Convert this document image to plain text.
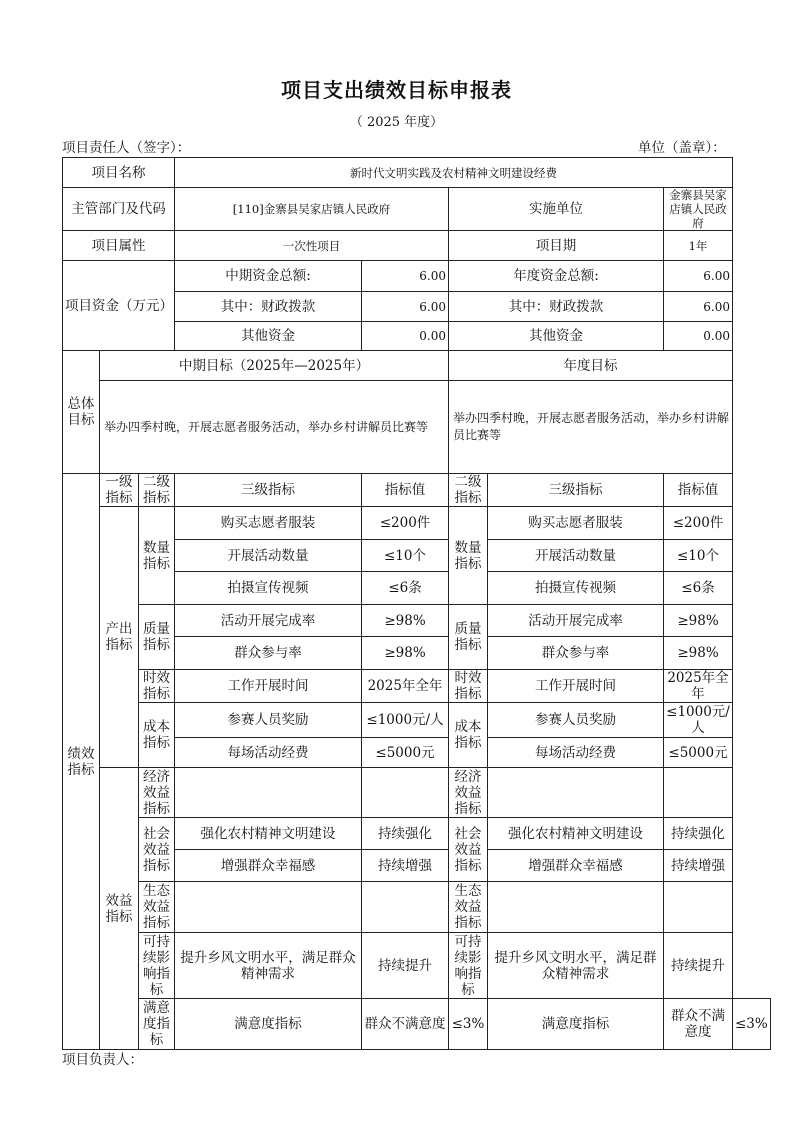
项目支出绩效目标申报表
（ 2025 年度）
项目责任人（签字）：	单位（盖章）：
项目名称			新时代文明实践及农村精神文明建设经费					
主管部门及代码			[110]金寨县吴家店镇人民政府		实施单位		金寨县吴家店镇人民政府	
项目属性			一次性项目		项目期		1年	
项目资金（万元）			中期资金总额:	6.00	年度资金总额:		6.00	
			其中：财政拨款	6.00	其中：财政拨款		6.00	
			其他资金	0.00	其他资金		0.00	
总体目标	中期目标（2025年—2025年）				年度目标			
	举办四季村晚，开展志愿者服务活动，举办乡村讲解员比赛等				举办四季村晚，开展志愿者服务活动，举办乡村讲解员比赛等			
绩效指标	一级指标	二级指标	三级指标	指标值	二级指标	三级指标	指标值	
	产出指标	数量指标	购买志愿者服装	≤200件	数量指标	购买志愿者服装	≤200件	
			开展活动数量	≤10个		开展活动数量	≤10个	
			拍摄宣传视频	≤6条		拍摄宣传视频	≤6条	
		质量指标	活动开展完成率	≥98%	质量指标	活动开展完成率	≥98%	
			群众参与率	≥98%		群众参与率	≥98%	
		时效指标	工作开展时间	2025年全年	时效指标	工作开展时间	2025年全年	
		成本指标	参赛人员奖励	≤1000元/人	成本指标	参赛人员奖励	≤1000元/人	
			每场活动经费	≤5000元		每场活动经费	≤5000元	
	效益指标	经济效益指标			经济效益指标			
		社会效益指标	强化农村精神文明建设	持续强化	社会效益指标	强化农村精神文明建设	持续强化	
			增强群众幸福感	持续增强		增强群众幸福感	持续增强	
		生态效益指标			生态效益指标			
		可持续影响指标	提升乡风文明水平，满足群众精神需求	持续提升	可持续影响指标	提升乡风文明水平，满足群众精神需求	持续提升	
		满意度指标	满意度指标	群众不满意度	≤3%	满意度指标	群众不满意度	≤3%
项目负责人：
